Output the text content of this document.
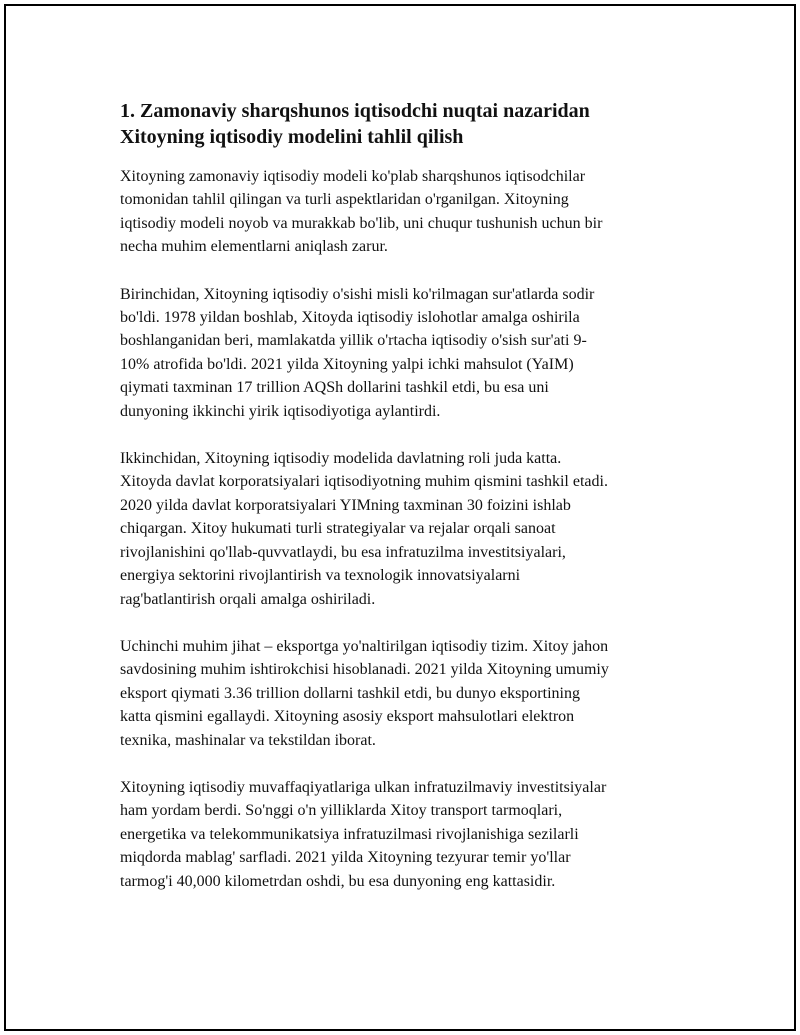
1. Zamonaviy sharqshunos iqtisodchi nuqtai nazaridan
Xitoyning iqtisodiy modelini tahlil qilish

Xitoyning zamonaviy iqtisodiy modeli ko'plab sharqshunos iqtisodchilar
tomonidan tahlil qilingan va turli aspektlaridan o'rganilgan. Xitoyning
iqtisodiy modeli noyob va murakkab bo'lib, uni chuqur tushunish uchun bir
necha muhim elementlarni aniqlash zarur.

Birinchidan, Xitoyning iqtisodiy o'sishi misli ko'rilmagan sur'atlarda sodir
bo'ldi. 1978 yildan boshlab, Xitoyda iqtisodiy islohotlar amalga oshirila
boshlanganidan beri, mamlakatda yillik o'rtacha iqtisodiy o'sish sur'ati 9-
10% atrofida bo'ldi. 2021 yilda Xitoyning yalpi ichki mahsulot (YaIM)
qiymati taxminan 17 trillion AQSh dollarini tashkil etdi, bu esa uni
dunyoning ikkinchi yirik iqtisodiyotiga aylantirdi.

Ikkinchidan, Xitoyning iqtisodiy modelida davlatning roli juda katta.
Xitoyda davlat korporatsiyalari iqtisodiyotning muhim qismini tashkil etadi.
2020 yilda davlat korporatsiyalari YIMning taxminan 30 foizini ishlab
chiqargan. Xitoy hukumati turli strategiyalar va rejalar orqali sanoat
rivojlanishini qo'llab-quvvatlaydi, bu esa infratuzilma investitsiyalari,
energiya sektorini rivojlantirish va texnologik innovatsiyalarni
rag'batlantirish orqali amalga oshiriladi.

Uchinchi muhim jihat – eksportga yo'naltirilgan iqtisodiy tizim. Xitoy jahon
savdosining muhim ishtirokchisi hisoblanadi. 2021 yilda Xitoyning umumiy
eksport qiymati 3.36 trillion dollarni tashkil etdi, bu dunyo eksportining
katta qismini egallaydi. Xitoyning asosiy eksport mahsulotlari elektron
texnika, mashinalar va tekstildan iborat.

Xitoyning iqtisodiy muvaffaqiyatlariga ulkan infratuzilmaviy investitsiyalar
ham yordam berdi. So'nggi o'n yilliklarda Xitoy transport tarmoqlari,
energetika va telekommunikatsiya infratuzilmasi rivojlanishiga sezilarli
miqdorda mablag' sarfladi. 2021 yilda Xitoyning tezyurar temir yo'llar
tarmog'i 40,000 kilometrdan oshdi, bu esa dunyoning eng kattasidir.
